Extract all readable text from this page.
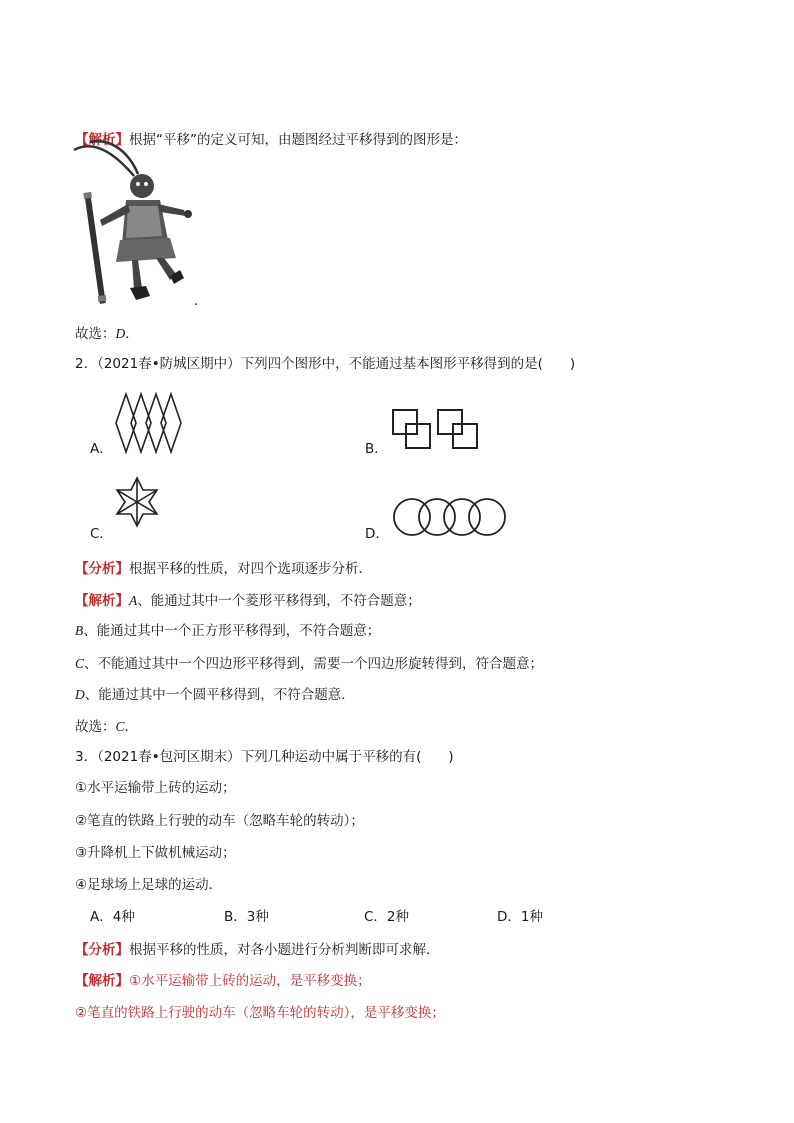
【解析】根据“平移”的定义可知，由题图经过平移得到的图形是：
.
故选：D．
2．（2021春•防城区期中）下列四个图形中，不能通过基本图形平移得到的是(　　)
A．	B．
C．	D．
【分析】根据平移的性质，对四个选项逐步分析．
【解析】A、能通过其中一个菱形平移得到，不符合题意；
B、能通过其中一个正方形平移得到，不符合题意；
C、不能通过其中一个四边形平移得到，需要一个四边形旋转得到，符合题意；
D、能通过其中一个圆平移得到，不符合题意．
故选：C．
3．（2021春•包河区期末）下列几种运动中属于平移的有(　　)
①水平运输带上砖的运动；
②笔直的铁路上行驶的动车（忽略车轮的转动）；
③升降机上下做机械运动；
④足球场上足球的运动．
A．4种	B．3种	C．2种	D．1种
【分析】根据平移的性质，对各小题进行分析判断即可求解．
【解析】①水平运输带上砖的运动，是平移变换；
②笔直的铁路上行驶的动车（忽略车轮的转动），是平移变换；
